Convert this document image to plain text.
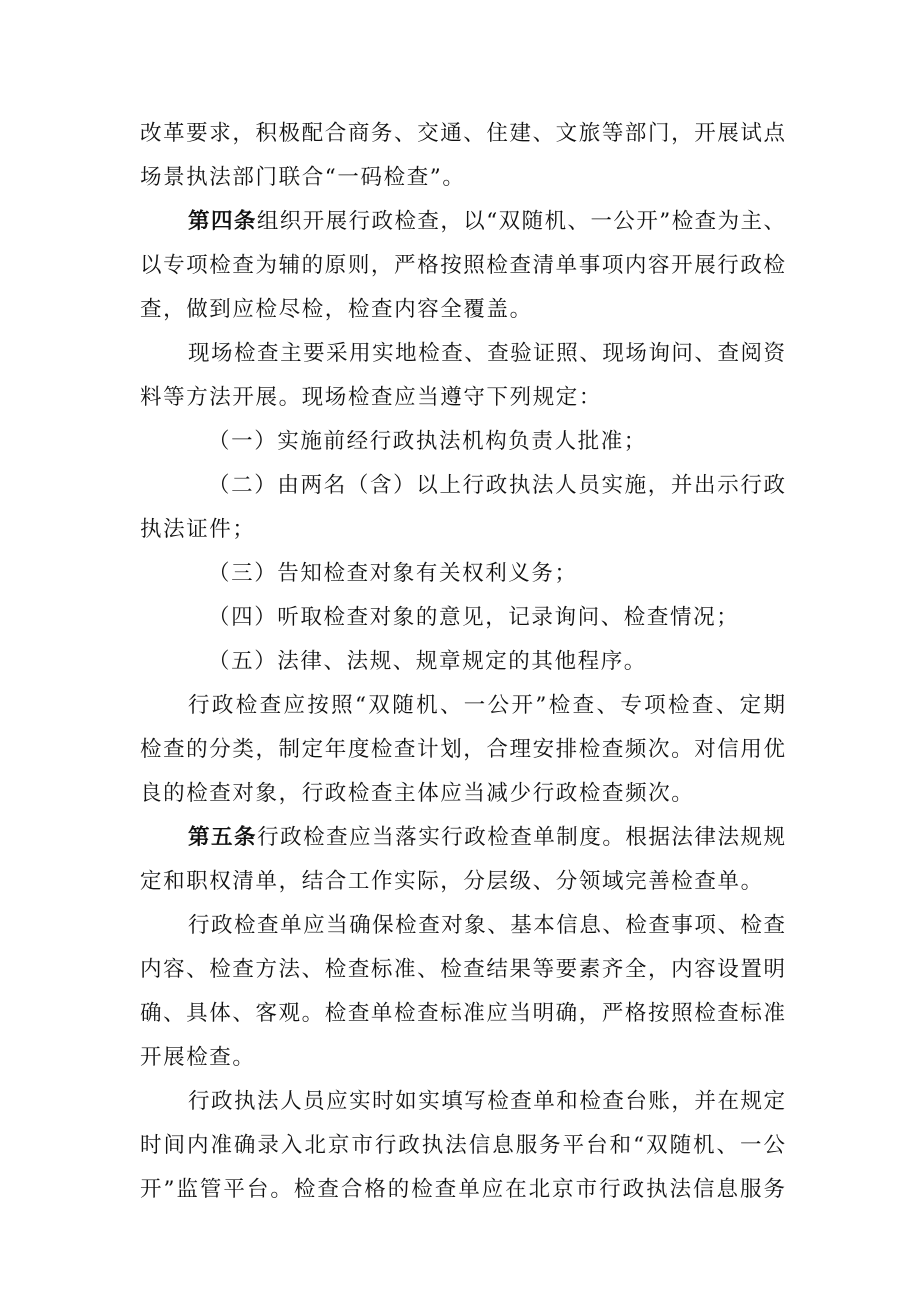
改革要求，积极配合商务、交通、住建、文旅等部门，开展试点
场景执法部门联合“一码检查”。
第四条组织开展行政检查，以“双随机、一公开”检查为主、
以专项检查为辅的原则，严格按照检查清单事项内容开展行政检
查，做到应检尽检，检查内容全覆盖。
现场检查主要采用实地检查、查验证照、现场询问、查阅资
料等方法开展。现场检查应当遵守下列规定：
（一）实施前经行政执法机构负责人批准；
（二）由两名（含）以上行政执法人员实施，并出示行政
执法证件；
（三）告知检查对象有关权利义务；
（四）听取检查对象的意见，记录询问、检查情况；
（五）法律、法规、规章规定的其他程序。
行政检查应按照“双随机、一公开”检查、专项检查、定期
检查的分类，制定年度检查计划，合理安排检查频次。对信用优
良的检查对象，行政检查主体应当减少行政检查频次。
第五条行政检查应当落实行政检查单制度。根据法律法规规
定和职权清单，结合工作实际，分层级、分领域完善检查单。
行政检查单应当确保检查对象、基本信息、检查事项、检查
内容、检查方法、检查标准、检查结果等要素齐全，内容设置明
确、具体、客观。检查单检查标准应当明确，严格按照检查标准
开展检查。
行政执法人员应实时如实填写检查单和检查台账，并在规定
时间内准确录入北京市行政执法信息服务平台和“双随机、一公
开”监管平台。检查合格的检查单应在北京市行政执法信息服务
